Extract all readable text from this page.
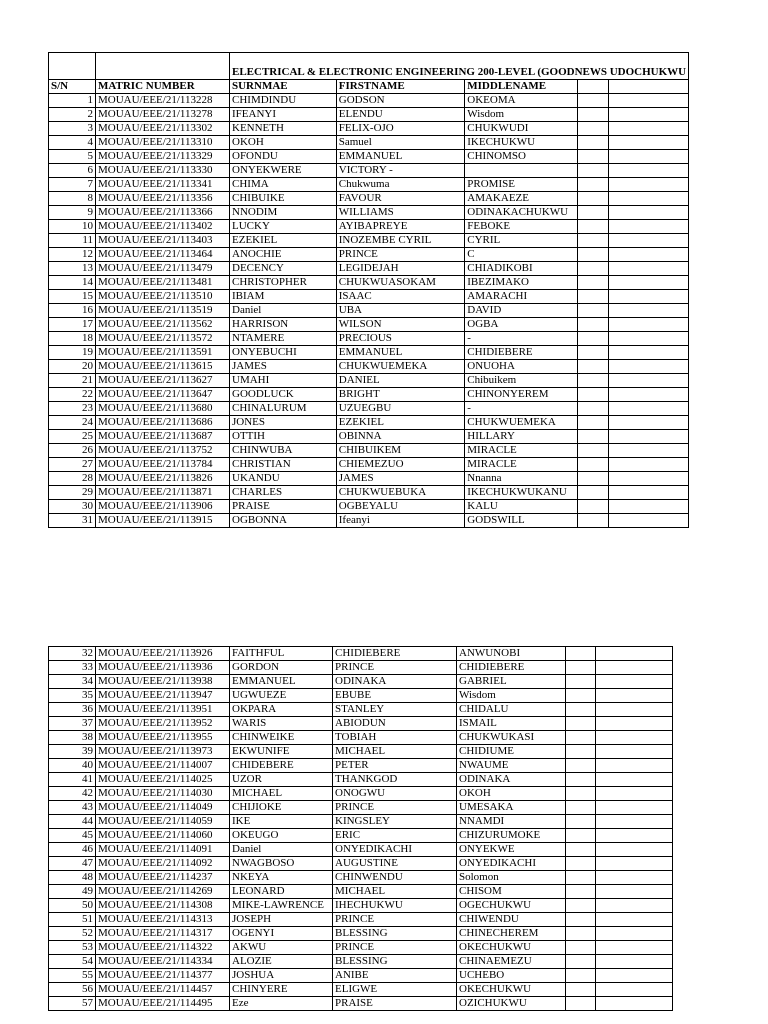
		ELECTRICAL & ELECTRONIC ENGINEERING 200-LEVEL (GOODNEWS UDOCHUKWU				
S/N	MATRIC NUMBER	SURNMAE	FIRSTNAME	MIDDLENAME		
1	MOUAU/EEE/21/113228	CHIMDINDU	GODSON	OKEOMA		
2	MOUAU/EEE/21/113278	IFEANYI	ELENDU	Wisdom		
3	MOUAU/EEE/21/113302	KENNETH	FELIX-OJO	CHUKWUDI		
4	MOUAU/EEE/21/113310	OKOH	Samuel	IKECHUKWU		
5	MOUAU/EEE/21/113329	OFONDU	EMMANUEL	CHINOMSO		
6	MOUAU/EEE/21/113330	ONYEKWERE	VICTORY -			
7	MOUAU/EEE/21/113341	CHIMA	Chukwuma	PROMISE		
8	MOUAU/EEE/21/113356	CHIBUIKE	FAVOUR	AMAKAEZE		
9	MOUAU/EEE/21/113366	NNODIM	WILLIAMS	ODINAKACHUKWU		
10	MOUAU/EEE/21/113402	LUCKY	AYIBAPREYE	FEBOKE		
11	MOUAU/EEE/21/113403	EZEKIEL	INOZEMBE CYRIL	CYRIL		
12	MOUAU/EEE/21/113464	ANOCHIE	PRINCE	C		
13	MOUAU/EEE/21/113479	DECENCY	LEGIDEJAH	CHIADIKOBI		
14	MOUAU/EEE/21/113481	CHRISTOPHER	CHUKWUASOKAM	IBEZIMAKO		
15	MOUAU/EEE/21/113510	IBIAM	ISAAC	AMARACHI		
16	MOUAU/EEE/21/113519	Daniel	UBA	DAVID		
17	MOUAU/EEE/21/113562	HARRISON	WILSON	OGBA		
18	MOUAU/EEE/21/113572	NTAMERE	PRECIOUS	-		
19	MOUAU/EEE/21/113591	ONYEBUCHI	EMMANUEL	CHIDIEBERE		
20	MOUAU/EEE/21/113615	JAMES	CHUKWUEMEKA	ONUOHA		
21	MOUAU/EEE/21/113627	UMAHI	DANIEL	Chibuikem		
22	MOUAU/EEE/21/113647	GOODLUCK	BRIGHT	CHINONYEREM		
23	MOUAU/EEE/21/113680	CHINALURUM	UZUEGBU	-		
24	MOUAU/EEE/21/113686	JONES	EZEKIEL	CHUKWUEMEKA		
25	MOUAU/EEE/21/113687	OTTIH	OBINNA	HILLARY		
26	MOUAU/EEE/21/113752	CHINWUBA	CHIBUIKEM	MIRACLE		
27	MOUAU/EEE/21/113784	CHRISTIAN	CHIEMEZUO	MIRACLE		
28	MOUAU/EEE/21/113826	UKANDU	JAMES	Nnanna		
29	MOUAU/EEE/21/113871	CHARLES	CHUKWUEBUKA	IKECHUKWUKANU		
30	MOUAU/EEE/21/113906	PRAISE	OGBEYALU	KALU		
31	MOUAU/EEE/21/113915	OGBONNA	Ifeanyi	GODSWILL		
32	MOUAU/EEE/21/113926	FAITHFUL	CHIDIEBERE	ANWUNOBI		
33	MOUAU/EEE/21/113936	GORDON	PRINCE	CHIDIEBERE		
34	MOUAU/EEE/21/113938	EMMANUEL	ODINAKA	GABRIEL		
35	MOUAU/EEE/21/113947	UGWUEZE	EBUBE	Wisdom		
36	MOUAU/EEE/21/113951	OKPARA	STANLEY	CHIDALU		
37	MOUAU/EEE/21/113952	WARIS	ABIODUN	ISMAIL		
38	MOUAU/EEE/21/113955	CHINWEIKE	TOBIAH	CHUKWUKASI		
39	MOUAU/EEE/21/113973	EKWUNIFE	MICHAEL	CHIDIUME		
40	MOUAU/EEE/21/114007	CHIDEBERE	PETER	NWAUME		
41	MOUAU/EEE/21/114025	UZOR	THANKGOD	ODINAKA		
42	MOUAU/EEE/21/114030	MICHAEL	ONOGWU	OKOH		
43	MOUAU/EEE/21/114049	CHIJIOKE	PRINCE	UMESAKA		
44	MOUAU/EEE/21/114059	IKE	KINGSLEY	NNAMDI		
45	MOUAU/EEE/21/114060	OKEUGO	ERIC	CHIZURUMOKE		
46	MOUAU/EEE/21/114091	Daniel	ONYEDIKACHI	ONYEKWE		
47	MOUAU/EEE/21/114092	NWAGBOSO	AUGUSTINE	ONYEDIKACHI		
48	MOUAU/EEE/21/114237	NKEYA	CHINWENDU	Solomon		
49	MOUAU/EEE/21/114269	LEONARD	MICHAEL	CHISOM		
50	MOUAU/EEE/21/114308	MIKE-LAWRENCE	IHECHUKWU	OGECHUKWU		
51	MOUAU/EEE/21/114313	JOSEPH	PRINCE	CHIWENDU		
52	MOUAU/EEE/21/114317	OGENYI	BLESSING	CHINECHEREM		
53	MOUAU/EEE/21/114322	AKWU	PRINCE	OKECHUKWU		
54	MOUAU/EEE/21/114334	ALOZIE	BLESSING	CHINAEMEZU		
55	MOUAU/EEE/21/114377	JOSHUA	ANIBE	UCHEBO		
56	MOUAU/EEE/21/114457	CHINYERE	ELIGWE	OKECHUKWU		
57	MOUAU/EEE/21/114495	Eze	PRAISE	OZICHUKWU		
